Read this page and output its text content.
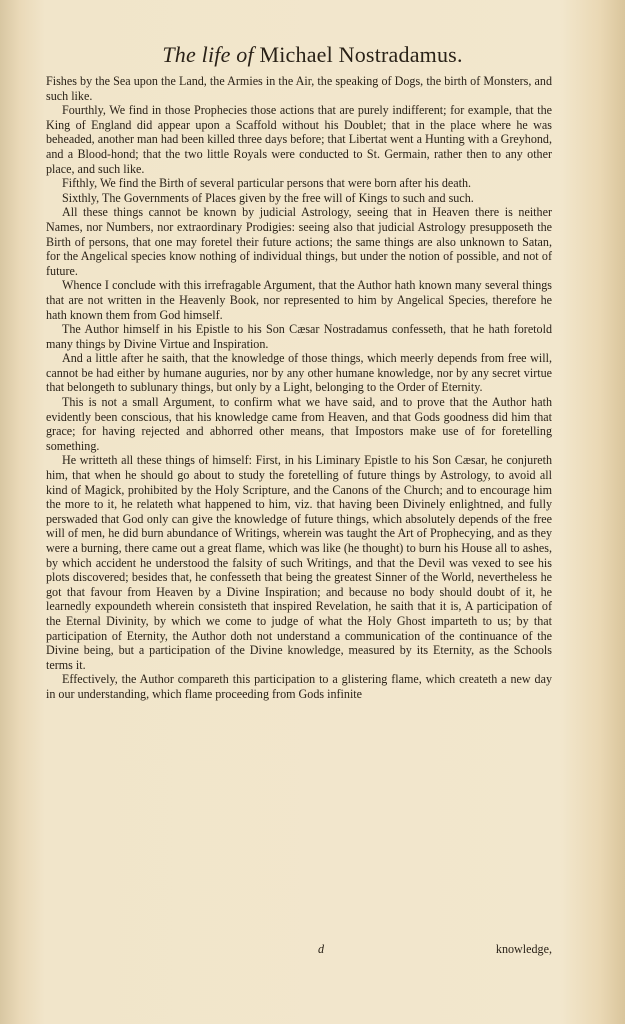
The life of Michael Nostradamus.

Fishes by the Sea upon the Land, the Armies in the Air, the speaking of Dogs, the birth of Monsters, and such like.

Fourthly, We find in those Prophecies those actions that are purely indifferent; for example, that the King of England did appear upon a Scaffold without his Doublet; that in the place where he was beheaded, another man had been killed three days before; that Libertat went a Hunting with a Greyhond, and a Blood-hond; that the two little Royals were conducted to St. Germain, rather then to any other place, and such like.

Fifthly, We find the Birth of several particular persons that were born after his death.

Sixthly, The Governments of Places given by the free will of Kings to such and such.

All these things cannot be known by judicial Astrology, seeing that in Heaven there is neither Names, nor Numbers, nor extraordinary Prodigies: seeing also that judicial Astrology presupposeth the Birth of persons, that one may foretel their future actions; the same things are also unknown to Satan, for the Angelical species know nothing of individual things, but under the notion of possible, and not of future.

Whence I conclude with this irrefragable Argument, that the Author hath known many several things that are not written in the Heavenly Book, nor represented to him by Angelical Species, therefore he hath known them from God himself.

The Author himself in his Epistle to his Son Cæsar Nostradamus confesseth, that he hath foretold many things by Divine Virtue and Inspiration.

And a little after he saith, that the knowledge of those things, which meerly depends from free will, cannot be had either by humane auguries, nor by any other humane knowledge, nor by any secret virtue that belongeth to sublunary things, but only by a Light, belonging to the Order of Eternity.

This is not a small Argument, to confirm what we have said, and to prove that the Author hath evidently been conscious, that his knowledge came from Heaven, and that Gods goodness did him that grace; for having rejected and abhorred other means, that Impostors make use of for foretelling something.

He writteth all these things of himself: First, in his Liminary Epistle to his Son Cæsar, he conjureth him, that when he should go about to study the foretelling of future things by Astrology, to avoid all kind of Magick, prohibited by the Holy Scripture, and the Canons of the Church; and to encourage him the more to it, he relateth what happened to him, viz. that having been Divinely enlightned, and fully perswaded that God only can give the knowledge of future things, which absolutely depends of the free will of men, he did burn abundance of Writings, wherein was taught the Art of Prophecying, and as they were a burning, there came out a great flame, which was like (he thought) to burn his House all to ashes, by which accident he understood the falsity of such Writings, and that the Devil was vexed to see his plots discovered; besides that, he confesseth that being the greatest Sinner of the World, nevertheless he got that favour from Heaven by a Divine Inspiration; and because no body should doubt of it, he learnedly expoundeth wherein consisteth that inspired Revelation, he saith that it is, A participation of the Eternal Divinity, by which we come to judge of what the Holy Ghost imparteth to us; by that participation of Eternity, the Author doth not understand a communication of the continuance of the Divine being, but a participation of the Divine knowledge, measured by its Eternity, as the Schools terms it.

Effectively, the Author compareth this participation to a glistering flame, which createth a new day in our understanding, which flame proceeding from Gods infinite

d	knowledge,
